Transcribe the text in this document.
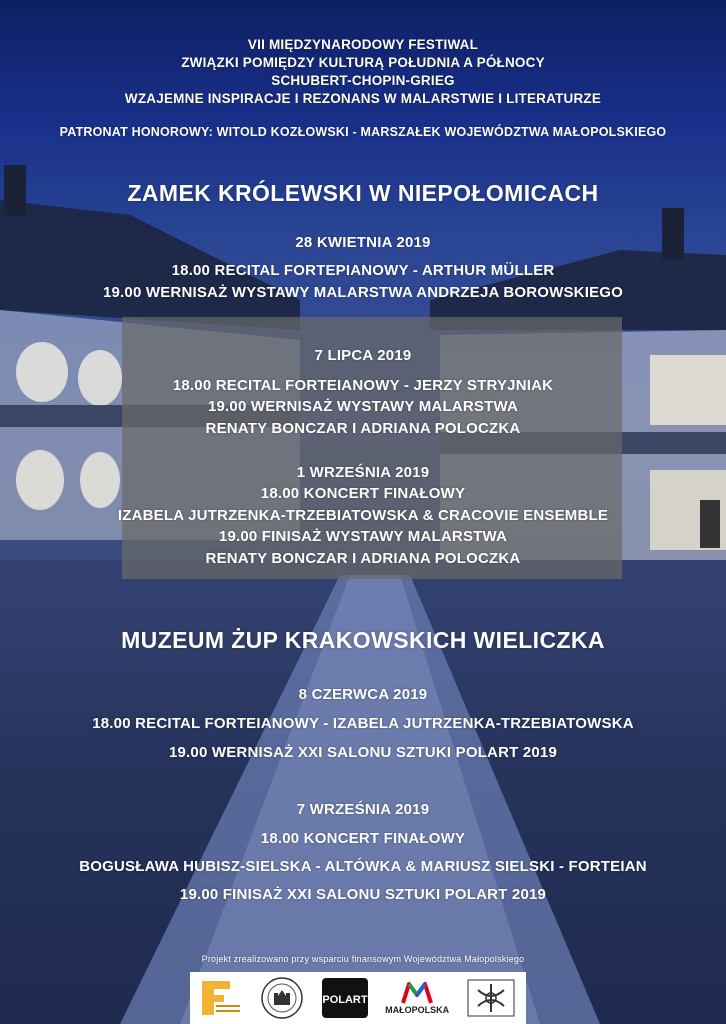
VII MIĘDZYNARODOWY FESTIWAL
ZWIĄZKI POMIĘDZY KULTURĄ POŁUDNIA A PÓŁNOCY
SCHUBERT-CHOPIN-GRIEG
WZAJEMNE INSPIRACJE I REZONANS W MALARSTWIE I LITERATURZE
PATRONAT HONOROWY: WITOLD KOZŁOWSKI - MARSZAŁEK WOJEWÓDZTWA MAŁOPOLSKIEGO
ZAMEK KRÓLEWSKI W NIEPOŁOMICACH
28 KWIETNIA 2019
18.00 RECITAL FORTEPIANOWY - ARTHUR MÜLLER
19.00 WERNISAŻ WYSTAWY MALARSTWA ANDRZEJA BOROWSKIEGO
7 LIPCA 2019
18.00 RECITAL FORTEIANOWY - JERZY STRYJNIAK
19.00 WERNISAŻ WYSTAWY MALARSTWA
RENATY BONCZAR I ADRIANA POLOCZKA
1 WRZEŚNIA 2019
18.00 KONCERT FINAŁOWY
IZABELA JUTRZENKA-TRZEBIATOWSKA & CRACOVIE ENSEMBLE
19.00 FINISAŻ WYSTAWY MALARSTWA
RENATY BONCZAR I ADRIANA POLOCZKA
MUZEUM ŻUP KRAKOWSKICH WIELICZKA
8 CZERWCA 2019
18.00 RECITAL FORTEIANOWY - IZABELA JUTRZENKA-TRZEBIATOWSKA
19.00 WERNISAŻ XXI SALONU SZTUKI POLART 2019
7 WRZEŚNIA 2019
18.00 KONCERT FINAŁOWY
BOGUSŁAWA HUBISZ-SIELSKA - ALTÓWKA & MARIUSZ SIELSKI - FORTEIAN
19.00 FINISAŻ XXI SALONU SZTUKI POLART 2019
Projekt zrealizowano przy wsparciu finansowym Województwa Małopolskiego
POLART
MAŁOPOLSKA
